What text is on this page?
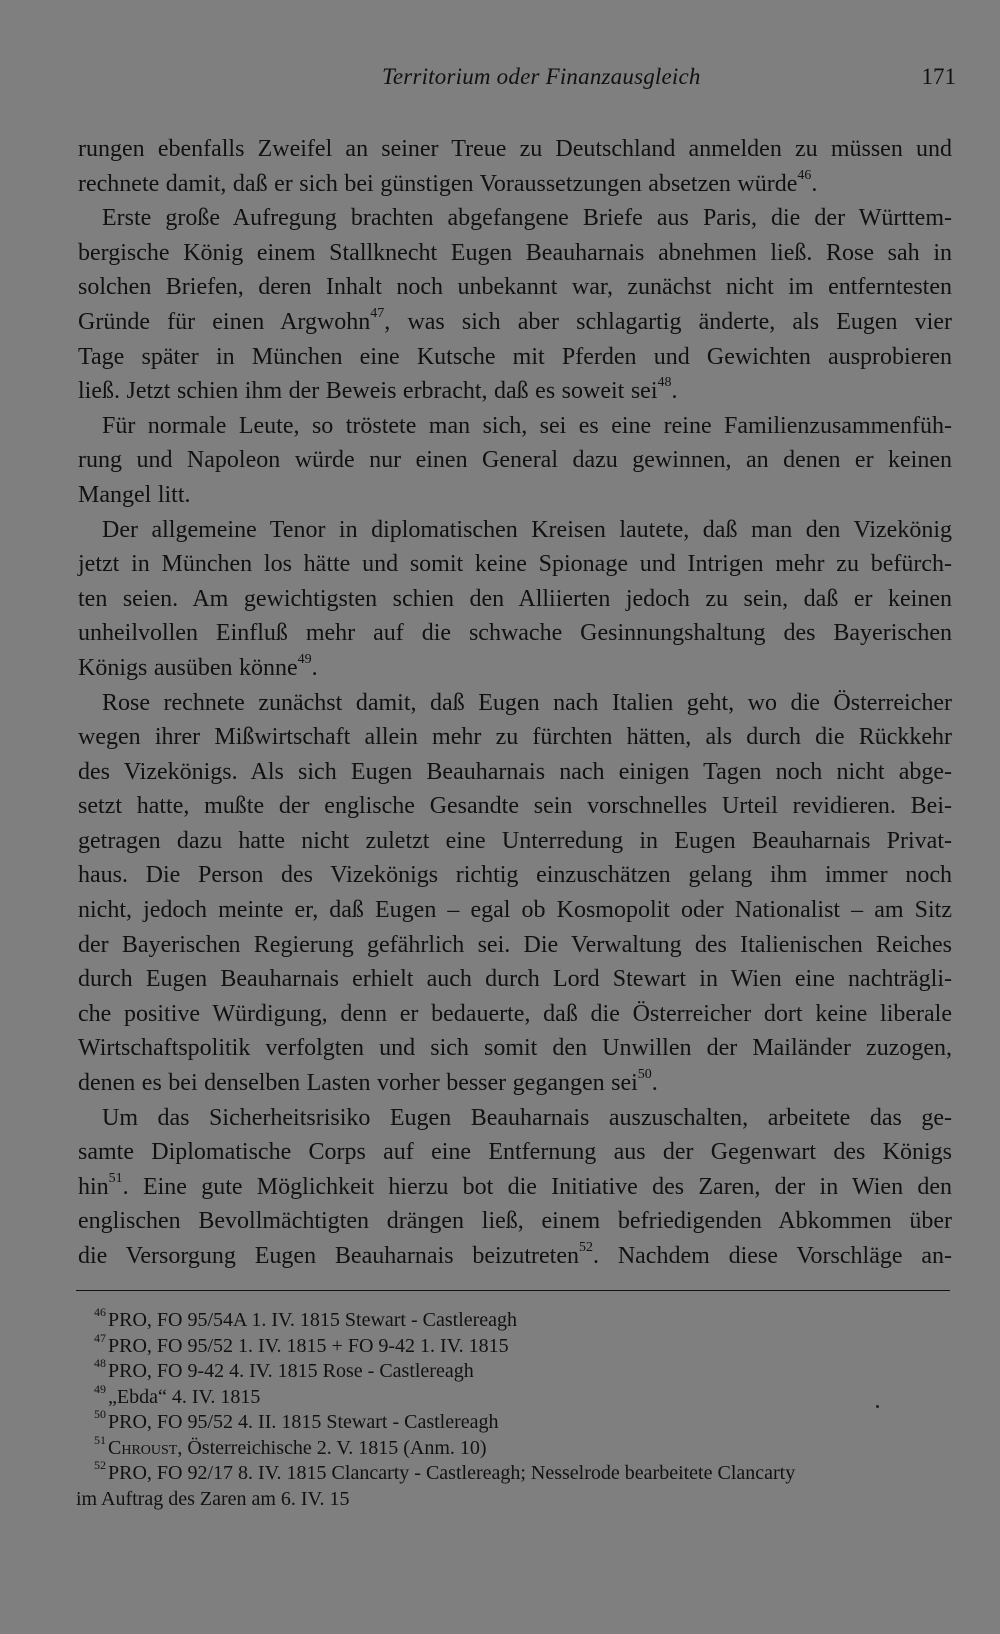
Territorium oder Finanzausgleich	171
rungen ebenfalls Zweifel an seiner Treue zu Deutschland anmelden zu müssen und
rechnete damit, daß er sich bei günstigen Voraussetzungen absetzen würde$^{46}$.
Erste große Aufregung brachten abgefangene Briefe aus Paris, die der Württem-
bergische König einem Stallknecht Eugen Beauharnais abnehmen ließ. Rose sah in
solchen Briefen, deren Inhalt noch unbekannt war, zunächst nicht im entferntesten
Gründe für einen Argwohn$^{47}$, was sich aber schlagartig änderte, als Eugen vier
Tage später in München eine Kutsche mit Pferden und Gewichten ausprobieren
ließ. Jetzt schien ihm der Beweis erbracht, daß es soweit sei$^{48}$.
Für normale Leute, so tröstete man sich, sei es eine reine Familienzusammenfüh-
rung und Napoleon würde nur einen General dazu gewinnen, an denen er keinen
Mangel litt.
Der allgemeine Tenor in diplomatischen Kreisen lautete, daß man den Vizekönig
jetzt in München los hätte und somit keine Spionage und Intrigen mehr zu befürch-
ten seien. Am gewichtigsten schien den Alliierten jedoch zu sein, daß er keinen
unheilvollen Einfluß mehr auf die schwache Gesinnungshaltung des Bayerischen
Königs ausüben könne$^{49}$.
Rose rechnete zunächst damit, daß Eugen nach Italien geht, wo die Österreicher
wegen ihrer Mißwirtschaft allein mehr zu fürchten hätten, als durch die Rückkehr
des Vizekönigs. Als sich Eugen Beauharnais nach einigen Tagen noch nicht abge-
setzt hatte, mußte der englische Gesandte sein vorschnelles Urteil revidieren. Bei-
getragen dazu hatte nicht zuletzt eine Unterredung in Eugen Beauharnais Privat-
haus. Die Person des Vizekönigs richtig einzuschätzen gelang ihm immer noch
nicht, jedoch meinte er, daß Eugen – egal ob Kosmopolit oder Nationalist – am Sitz
der Bayerischen Regierung gefährlich sei. Die Verwaltung des Italienischen Reiches
durch Eugen Beauharnais erhielt auch durch Lord Stewart in Wien eine nachträgli-
che positive Würdigung, denn er bedauerte, daß die Österreicher dort keine liberale
Wirtschaftspolitik verfolgten und sich somit den Unwillen der Mailänder zuzogen,
denen es bei denselben Lasten vorher besser gegangen sei$^{50}$.
Um das Sicherheitsrisiko Eugen Beauharnais auszuschalten, arbeitete das ge-
samte Diplomatische Corps auf eine Entfernung aus der Gegenwart des Königs
hin$^{51}$. Eine gute Möglichkeit hierzu bot die Initiative des Zaren, der in Wien den
englischen Bevollmächtigten drängen ließ, einem befriedigenden Abkommen über
die Versorgung Eugen Beauharnais beizutreten$^{52}$. Nachdem diese Vorschläge an-
$^{46}$ PRO, FO 95/54A 1. IV. 1815 Stewart - Castlereagh
$^{47}$ PRO, FO 95/52 1. IV. 1815 + FO 9-42 1. IV. 1815
$^{48}$ PRO, FO 9-42 4. IV. 1815 Rose - Castlereagh
$^{49}$ „Ebda“ 4. IV. 1815
$^{50}$ PRO, FO 95/52 4. II. 1815 Stewart - Castlereagh
$^{51}$ Chroust, Österreichische 2. V. 1815 (Anm. 10)
$^{52}$ PRO, FO 92/17 8. IV. 1815 Clancarty - Castlereagh; Nesselrode bearbeitete Clancarty
im Auftrag des Zaren am 6. IV. 15
